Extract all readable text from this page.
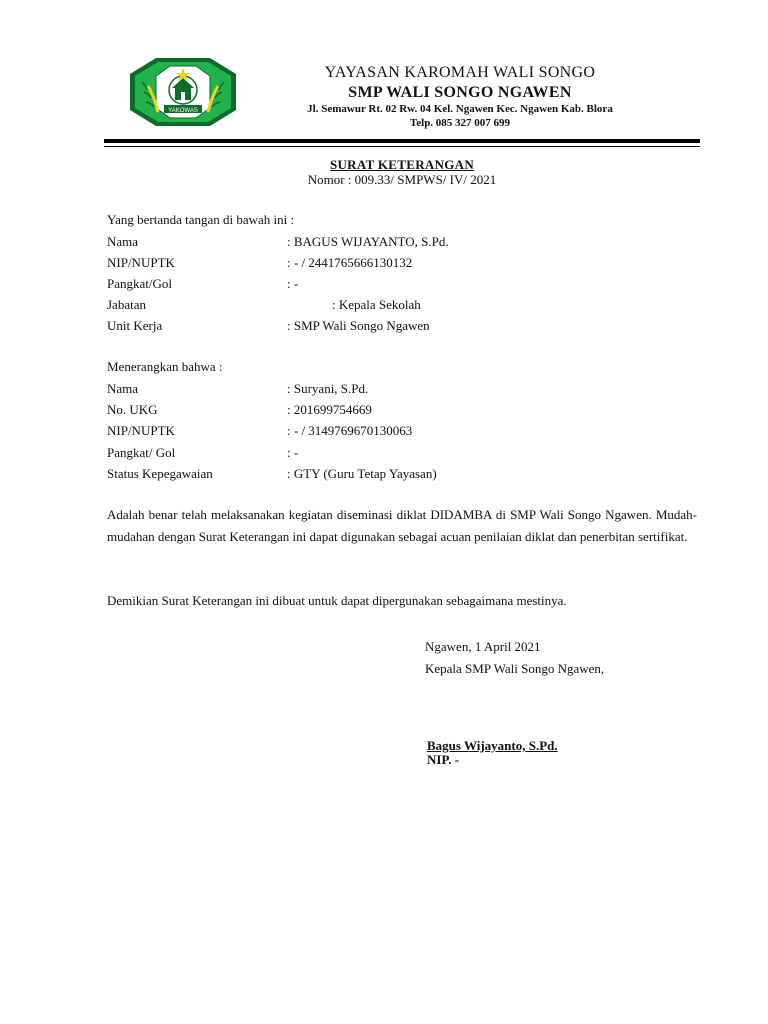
YAKOWAS
YAYASAN KAROMAH WALI SONGO
SMP WALI SONGO NGAWEN
Jl. Semawur Rt. 02 Rw. 04 Kel. Ngawen Kec. Ngawen Kab. Blora
Telp. 085 327 007 699
SURAT KETERANGAN
Nomor : 009.33/ SMPWS/ IV/ 2021
Yang bertanda tangan di bawah ini :
Nama	: BAGUS WIJAYANTO, S.Pd.
NIP/NUPTK	: - / 2441765666130132
Pangkat/Gol	: -
Jabatan	: Kepala Sekolah
Unit Kerja	: SMP Wali Songo Ngawen
Menerangkan bahwa :
Nama	: Suryani, S.Pd.
No. UKG	: 201699754669
NIP/NUPTK	: - / 3149769670130063
Pangkat/ Gol	: -
Status Kepegawaian	: GTY (Guru Tetap Yayasan)
Adalah benar telah melaksanakan kegiatan diseminasi diklat DIDAMBA di SMP Wali Songo Ngawen. Mudah-mudahan dengan Surat Keterangan ini dapat digunakan sebagai acuan penilaian diklat dan penerbitan sertifikat.
Demikian Surat Keterangan ini dibuat untuk dapat dipergunakan sebagaimana mestinya.
Ngawen, 1 April 2021
Kepala SMP Wali Songo Ngawen,
Bagus Wijayanto, S.Pd.
NIP. -
